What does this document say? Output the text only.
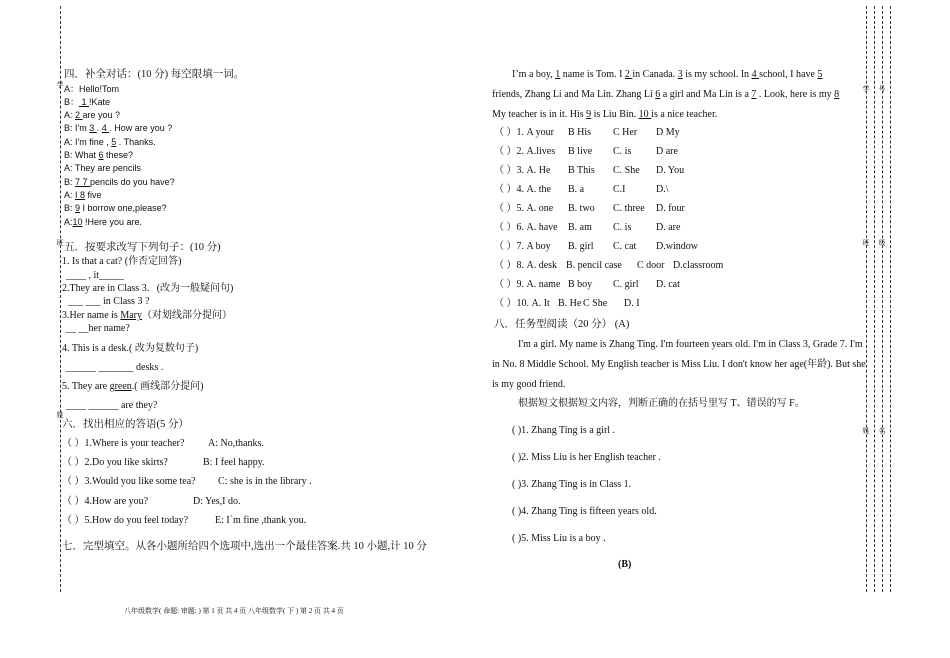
学
班
姓
学 号
班 级
姓 名
四．补全对话：(10 分) 每空限填一词。
A：Hello!Tom
B： 1 !Kate
A: 2 are you ?
B: I'm 3 . 4 . How are you ?
A: I'm fine , 5 . Thanks.
B: What 6 these?
A: They are pencils
B: 7 7 pencils do you have?
A: I 8 five
B: 9 I borrow one,please?
A:10 !Here you are.
五．按要求改写下列句子：(10 分)
1. Is that a cat? (作否定回答)
____ , it_____
2.They are in Class 3．(改为一般疑问句)
___ ___ in Class 3 ?
3.Her name is Mary（对划线部分提问）
__ __her name?
4. This is a desk.( 改为复数句子)
______ _______ desks .
5. They are green.( 画线部分提问)
____ ______ are they?
六．找出相应的答语(5 分）
（ ）1.Where is your teacher? A: No,thanks.
（ ）2.Do you like skirts?	B: I feel happy.
（ ）3.Would you like some tea? C: she is in the library .
（ ）4.How are you?	D: Yes,I do.
（ ）5.How do you feel today?	E: I`m fine ,thank you.
七．完型填空。从各小题所给四个选项中,选出一个最佳答案.共 10 小题,计 10 分
I’m a boy, 1 name is Tom. I 2 in Canada. 3 is my school. In 4 school, I have 5
friends, Zhang Li and Ma Lin. Zhang Li 6 a girl and Ma Lin is a 7 . Look, here is my 8
My teacher is in it. His 9 is Liu Bin. 10 is a nice teacher.
（ ）1. A your B His C Her D My
（ ）2. A.lives B live C. is D are
（ ）3. A. He B This C. She D. You
（ ）4. A. the B. a	C.I	D.\
（ ）5. A. one B. two C. three D. four
（ ）6. A. have B. am C. is D. are
（ ）7. A boy B. girl C. cat D.window
（ ）8. A. desk B. pencil case C door D.classroom
（ ）9. A. name B boy C. girl D. cat
（ ）10. A. It B. He C She D. I
八．任务型阅读（20 分） (A)
I'm a girl. My name is Zhang Ting. I'm fourteen years old. I'm in Class 3, Grade 7. I'm
in No. 8 Middle School. My English teacher is Miss Liu. I don't know her age(年龄). But she
is my good friend.
根据短文根据短文内容，判断正确的在括号里写 T、错误的写 F。
( )1. Zhang Ting is a girl .
( )2. Miss Liu is her English teacher .
( )3. Zhang Ting is in Class 1.
( )4. Zhang Ting is fifteen years old.
( )5. Miss Liu is a boy .
(B)
八年级数学( 命题: 审题: ) 第 1 页 共 4 页 八年级数学( 下 ) 第 2 页 共 4 页
